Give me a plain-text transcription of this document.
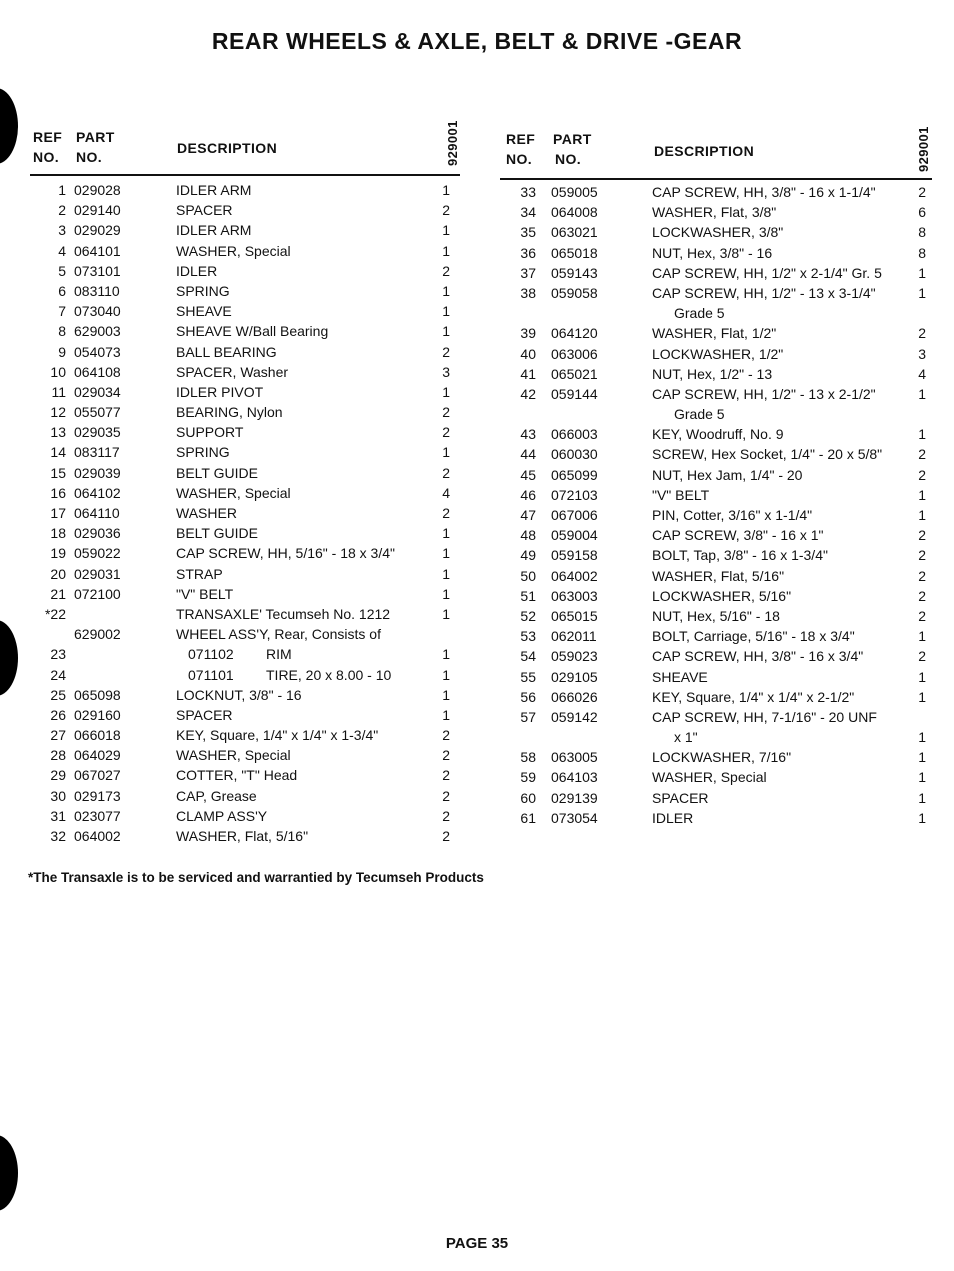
REAR WHEELS & AXLE, BELT & DRIVE -GEAR
REF
NO.
PART
NO.
DESCRIPTION	929001
1 029028	IDLER ARM	1
2 029140	SPACER	2
3 029029	IDLER ARM	1
4 064101	WASHER, Special	1
5 073101	IDLER	2
6 083110	SPRING	1
7 073040	SHEAVE	1
8 629003	SHEAVE W/Ball Bearing	1
9 054073	BALL BEARING	2
10 064108	SPACER, Washer	3
11 029034	IDLER PIVOT	1
12 055077	BEARING, Nylon	2
13 029035	SUPPORT	2
14 083117	SPRING	1
15 029039	BELT GUIDE	2
16 064102	WASHER, Special	4
17 064110	WASHER	2
18 029036	BELT GUIDE	1
19 059022	CAP SCREW, HH, 5/16" - 18 x 3/4"	1
20 029031	STRAP	1
21 072100	"V" BELT	1
*22	TRANSAXLE' Tecumseh No. 1212	1
629002	WHEEL ASS'Y, Rear, Consists of
23	071102 RIM	1
24	071101 TIRE, 20 x 8.00 - 10	1
25 065098	LOCKNUT, 3/8" - 16	1
26 029160	SPACER	1
27 066018	KEY, Square, 1/4" x 1/4" x 1-3/4"	2
28 064029	WASHER, Special	2
29 067027	COTTER, "T" Head	2
30 029173	CAP, Grease	2
31 023077	CLAMP ASS'Y	2
32 064002	WASHER, Flat, 5/16"	2
REF
NO.
PART
NO.	DESCRIPTION	929001
33 059005	CAP SCREW, HH, 3/8" - 16 x 1-1/4"	2
34 064008	WASHER, Flat, 3/8"	6
35 063021	LOCKWASHER, 3/8"	8
36 065018	NUT, Hex, 3/8" - 16	8
37 059143	CAP SCREW, HH, 1/2" x 2-1/4" Gr. 5	1
38 059058	CAP SCREW, HH, 1/2" - 13 x 3-1/4"	1
Grade 5
39 064120	WASHER, Flat, 1/2"	2
40 063006	LOCKWASHER, 1/2"	3
41 065021	NUT, Hex, 1/2" - 13	4
42 059144	CAP SCREW, HH, 1/2" - 13 x 2-1/2"	1
Grade 5
43 066003	KEY, Woodruff, No. 9	1
44 060030	SCREW, Hex Socket, 1/4" - 20 x 5/8"	2
45 065099	NUT, Hex Jam, 1/4" - 20	2
46 072103	"V" BELT	1
47 067006	PIN, Cotter, 3/16" x 1-1/4"	1
48 059004	CAP SCREW, 3/8" - 16 x 1"	2
49 059158	BOLT, Tap, 3/8" - 16 x 1-3/4"	2
50 064002	WASHER, Flat, 5/16"	2
51 063003	LOCKWASHER, 5/16"	2
52 065015	NUT, Hex, 5/16" - 18	2
53 062011	BOLT, Carriage, 5/16" - 18 x 3/4"	1
54 059023	CAP SCREW, HH, 3/8" - 16 x 3/4"	2
55 029105	SHEAVE	1
56 066026	KEY, Square, 1/4" x 1/4" x 2-1/2"	1
57 059142	CAP SCREW, HH, 7-1/16" - 20 UNF
x 1"	1
58 063005	LOCKWASHER, 7/16"	1
59 064103	WASHER, Special	1
60 029139	SPACER	1
61 073054	IDLER	1
*The Transaxle is to be serviced and warrantied by Tecumseh Products
PAGE 35
